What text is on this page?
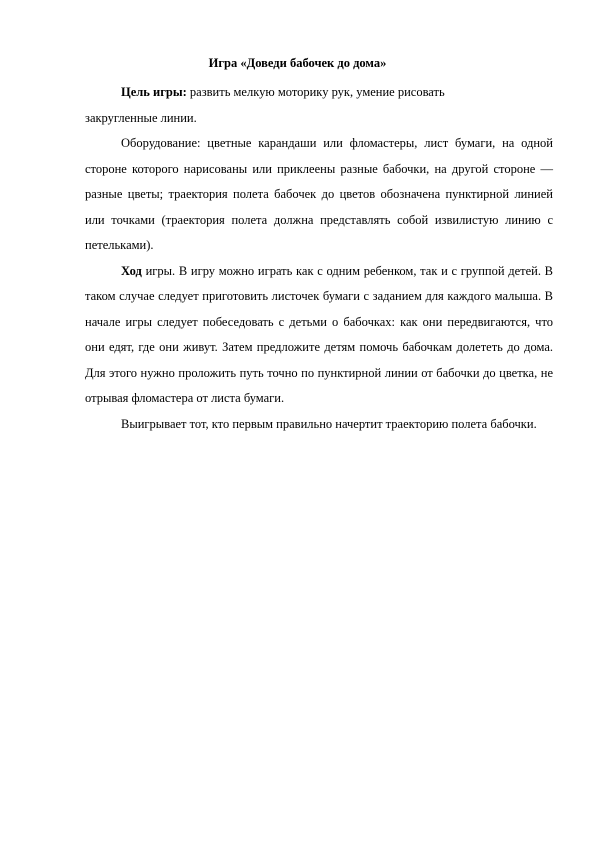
Игра «Доведи бабочек до дома»

Цель игры: развить мелкую моторику рук, умение рисовать

закругленные линии.

Оборудование: цветные карандаши или фломастеры, лист бумаги, на одной стороне которого нарисованы или приклеены разные бабочки, на другой стороне — разные цветы; траектория полета бабочек до цветов обозначена пунктирной линией или точками (траектория полета должна представлять собой извилистую линию с петельками).

Ход игры. В игру можно играть как с одним ребенком, так и с группой детей. В таком случае следует приготовить листочек бумаги с заданием для каждого малыша. В начале игры следует побеседовать с детьми о бабочках: как они передвигаются, что они едят, где они живут. Затем предложите детям помочь бабочкам долететь до дома. Для этого нужно проложить путь точно по пунктирной линии от бабочки до цветка, не отрывая фломастера от листа бумаги.

Выигрывает тот, кто первым правильно начертит траекторию полета бабочки.
